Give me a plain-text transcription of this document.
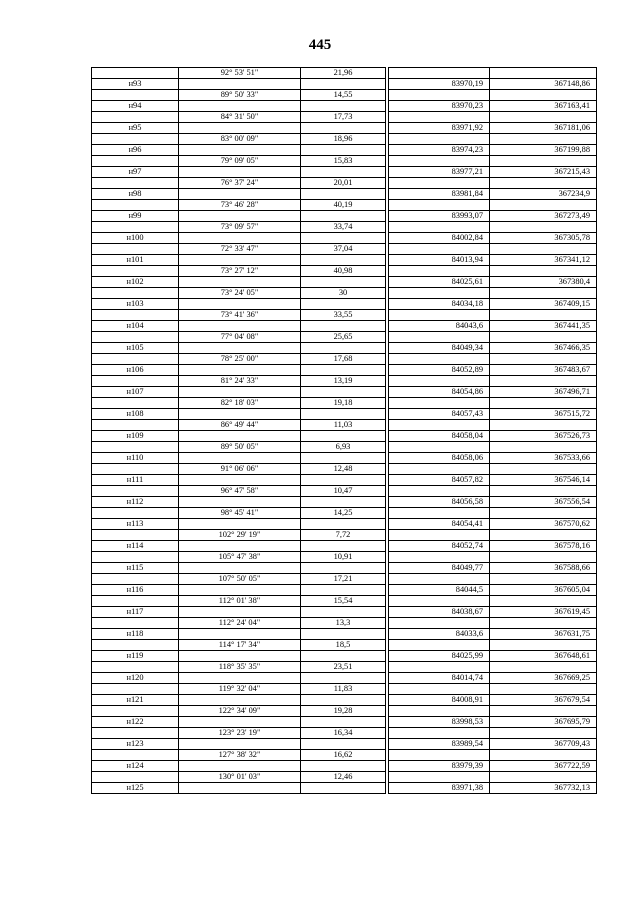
445
	92° 53' 51"	21,96			
н93				83970,19	367148,86
	89° 50' 33"	14,55			
н94				83970,23	367163,41
	84° 31' 50"	17,73			
н95				83971,92	367181,06
	83° 00' 09"	18,96			
н96				83974,23	367199,88
	79° 09' 05"	15,83			
н97				83977,21	367215,43
	76° 37' 24"	20,01			
н98				83981,84	367234,9
	73° 46' 28"	40,19			
н99				83993,07	367273,49
	73° 09' 57"	33,74			
н100				84002,84	367305,78
	72° 33' 47"	37,04			
н101				84013,94	367341,12
	73° 27' 12"	40,98			
н102				84025,61	367380,4
	73° 24' 05"	30			
н103				84034,18	367409,15
	73° 41' 36"	33,55			
н104				84043,6	367441,35
	77° 04' 08"	25,65			
н105				84049,34	367466,35
	78° 25' 00"	17,68			
н106				84052,89	367483,67
	81° 24' 33"	13,19			
н107				84054,86	367496,71
	82° 18' 03"	19,18			
н108				84057,43	367515,72
	86° 49' 44"	11,03			
н109				84058,04	367526,73
	89° 50' 05"	6,93			
н110				84058,06	367533,66
	91° 06' 06"	12,48			
н111				84057,82	367546,14
	96° 47' 58"	10,47			
н112				84056,58	367556,54
	98° 45' 41"	14,25			
н113				84054,41	367570,62
	102° 29' 19"	7,72			
н114				84052,74	367578,16
	105° 47' 38"	10,91			
н115				84049,77	367588,66
	107° 50' 05"	17,21			
н116				84044,5	367605,04
	112° 01' 38"	15,54			
н117				84038,67	367619,45
	112° 24' 04"	13,3			
н118				84033,6	367631,75
	114° 17' 34"	18,5			
н119				84025,99	367648,61
	118° 35' 35"	23,51			
н120				84014,74	367669,25
	119° 32' 04"	11,83			
н121				84008,91	367679,54
	122° 34' 09"	19,28			
н122				83998,53	367695,79
	123° 23' 19"	16,34			
н123				83989,54	367709,43
	127° 38' 32"	16,62			
н124				83979,39	367722,59
	130° 01' 03"	12,46			
н125				83971,38	367732,13
